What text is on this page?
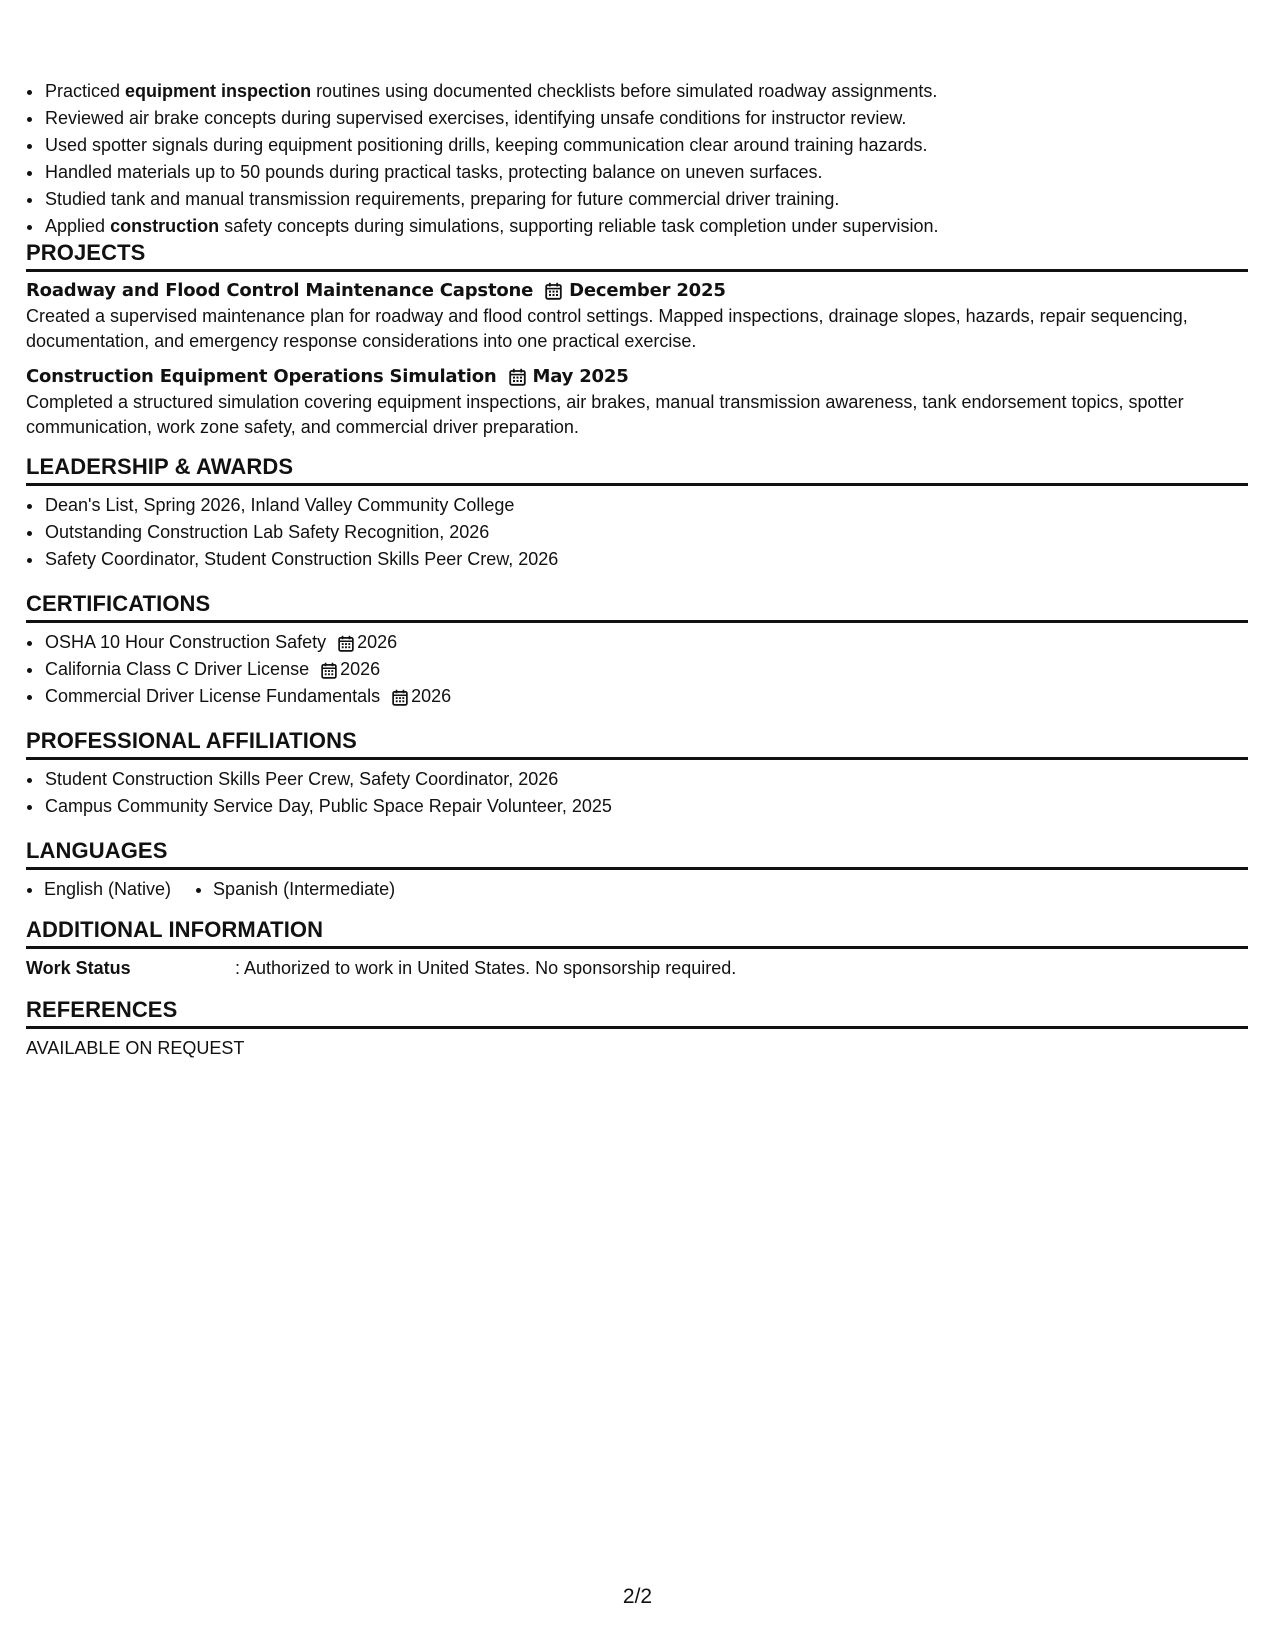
• Practiced equipment inspection routines using documented checklists before simulated roadway assignments.
• Reviewed air brake concepts during supervised exercises, identifying unsafe conditions for instructor review.
• Used spotter signals during equipment positioning drills, keeping communication clear around training hazards.
• Handled materials up to 50 pounds during practical tasks, protecting balance on uneven surfaces.
• Studied tank and manual transmission requirements, preparing for future commercial driver training.
• Applied construction safety concepts during simulations, supporting reliable task completion under supervision.
PROJECTS
Roadway and Flood Control Maintenance Capstone December 2025
Created a supervised maintenance plan for roadway and flood control settings. Mapped inspections, drainage slopes, hazards, repair sequencing, documentation, and emergency response considerations into one practical exercise.
Construction Equipment Operations Simulation May 2025
Completed a structured simulation covering equipment inspections, air brakes, manual transmission awareness, tank endorsement topics, spotter communication, work zone safety, and commercial driver preparation.
LEADERSHIP & AWARDS
• Dean's List, Spring 2026, Inland Valley Community College
• Outstanding Construction Lab Safety Recognition, 2026
• Safety Coordinator, Student Construction Skills Peer Crew, 2026
CERTIFICATIONS
• OSHA 10 Hour Construction Safety 2026
• California Class C Driver License 2026
• Commercial Driver License Fundamentals 2026
PROFESSIONAL AFFILIATIONS
• Student Construction Skills Peer Crew, Safety Coordinator, 2026
• Campus Community Service Day, Public Space Repair Volunteer, 2025
LANGUAGES
• English (Native)
• Spanish (Intermediate)
ADDITIONAL INFORMATION
Work Status	: Authorized to work in United States. No sponsorship required.
REFERENCES
AVAILABLE ON REQUEST
2/2
